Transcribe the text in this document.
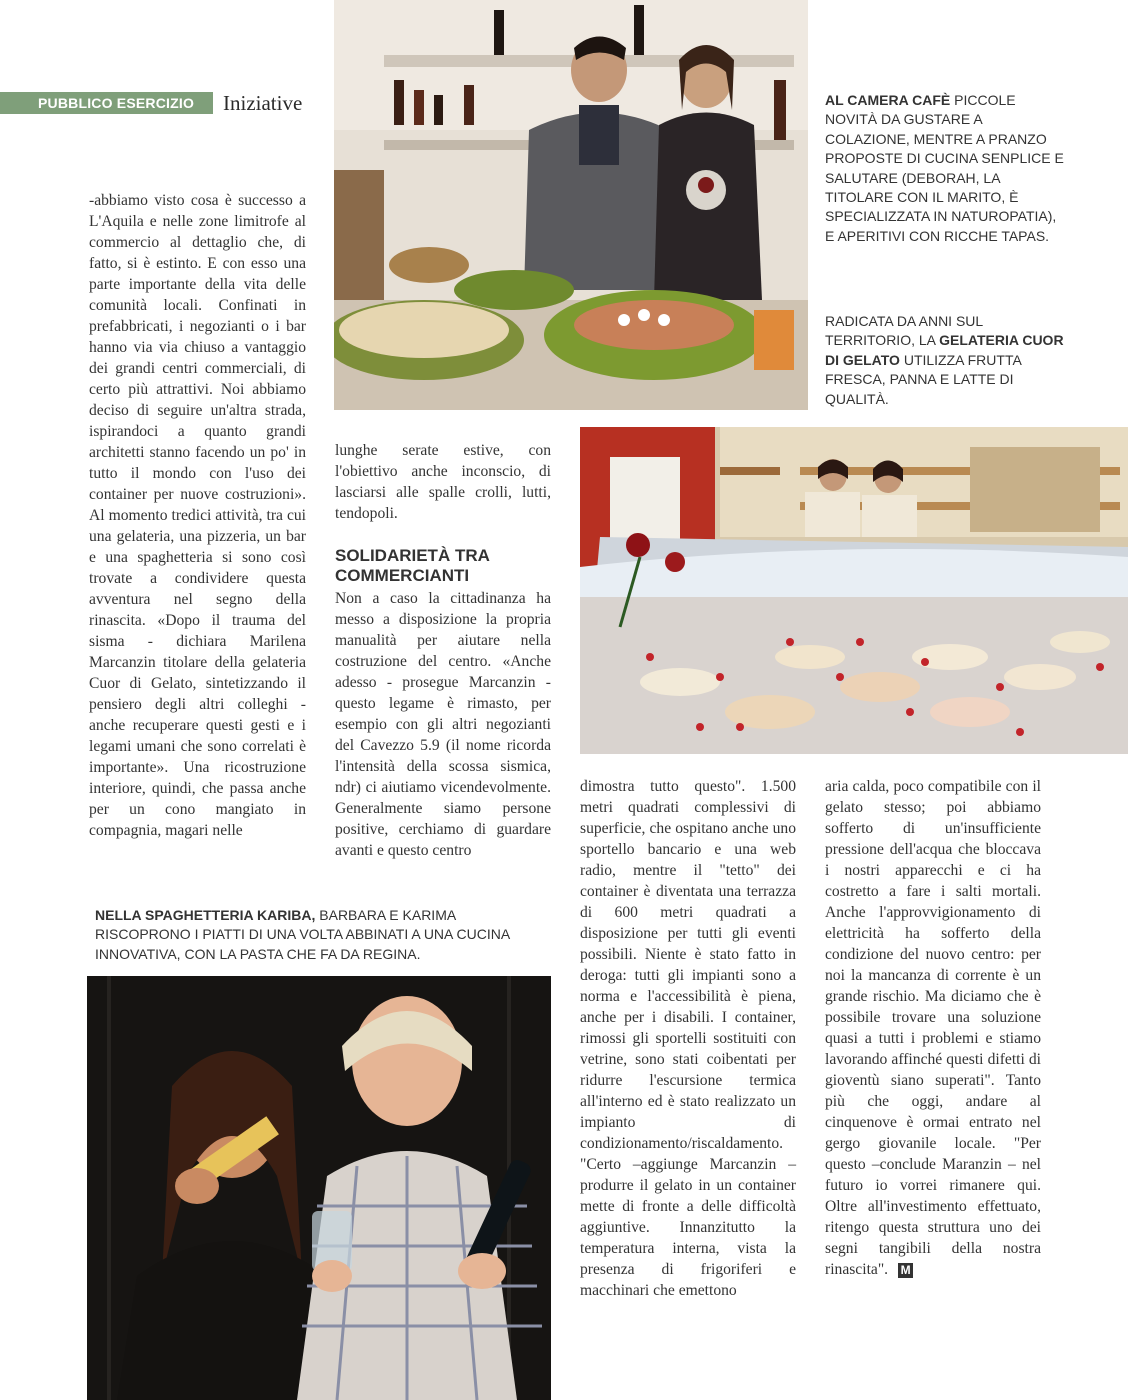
PUBBLICO ESERCIZIO Iniziative	AL CAMERA CAFÈ PICCOLE NOVITÀ DA GUSTARE A COLAZIONE, MENTRE A PRANZO PROPOSTE DI CUCINA SENPLICE E SALUTARE (DEBORAH, LA TITOLARE CON IL MARITO, È SPECIALIZZATA IN NATUROPATIA), E APERITIVI CON RICCHE TAPAS.
RADICATA DA ANNI SUL TERRITORIO, LA GELATERIA CUOR DI GELATO UTILIZZA FRUTTA FRESCA, PANNA E LATTE DI QUALITÀ.

-abbiamo visto cosa è successo a L'Aquila e nelle zone limitrofe al commercio al dettaglio che, di fatto, si è estinto. E con esso una parte importante della vita delle comunità locali. Confinati in prefabbricati, i negozianti o i bar hanno via via chiuso a vantaggio dei grandi centri commerciali, di certo più attrattivi. Noi abbiamo deciso di seguire un'altra strada, ispirandoci a quanto grandi architetti stanno facendo un po' in tutto il mondo con l'uso dei container per nuove costruzioni». Al momento tredici attività, tra cui una gelateria, una pizzeria, un bar e una spaghetteria si sono così trovate a condividere questa avventura nel segno della rinascita. «Dopo il trauma del sisma - dichiara Marilena Marcanzin titolare della gelateria Cuor di Gelato, sintetizzando il pensiero degli altri colleghi - anche recuperare questi gesti e i legami umani che sono correlati è importante». Una ricostruzione interiore, quindi, che passa anche per un cono mangiato in compagnia, magari nelle

lunghe serate estive, con l'obiettivo anche inconscio, di lasciarsi alle spalle crolli, lutti, tendopoli.

SOLIDARIETÀ TRA COMMERCIANTI

Non a caso la cittadinanza ha messo a disposizione la propria manualità per aiutare nella costruzione del centro. «Anche adesso - prosegue Marcanzin - questo legame è rimasto, per esempio con gli altri negozianti del Cavezzo 5.9 (il nome ricorda l'intensità della scossa sismica, ndr) ci aiutiamo vicendevolmente. Generalmente siamo persone positive, cerchiamo di guardare avanti e questo centro

dimostra tutto questo". 1.500 metri quadrati complessivi di superficie, che ospitano anche uno sportello bancario e una web radio, mentre il "tetto" dei container è diventata una terrazza di 600 metri quadrati a disposizione per tutti gli eventi possibili. Niente è stato fatto in deroga: tutti gli impianti sono a norma e l'accessibilità è piena, anche per i disabili. I container, rimossi gli sportelli sostituiti con vetrine, sono stati coibentati per ridurre l'escursione termica all'interno ed è stato realizzato un impianto di condizionamento/riscaldamento. "Certo –aggiunge Marcanzin – produrre il gelato in un container mette di fronte a delle difficoltà aggiuntive. Innanzitutto la temperatura interna, vista la presenza di frigoriferi e macchinari che emettono

aria calda, poco compatibile con il gelato stesso; poi abbiamo sofferto di un'insufficiente pressione dell'acqua che bloccava i nostri apparecchi e ci ha costretto a fare i salti mortali. Anche l'approvvigionamento di elettricità ha sofferto della condizione del nuovo centro: per noi la mancanza di corrente è un grande rischio. Ma diciamo che è possibile trovare una soluzione quasi a tutti i problemi e stiamo lavorando affinché questi difetti di gioventù siano superati". Tanto più che oggi, andare al cinquenove è ormai entrato nel gergo giovanile locale. "Per questo –conclude Maranzin – nel futuro io vorrei rimanere qui. Oltre all'investimento effettuato, ritengo questa struttura uno dei segni tangibili della nostra rinascita". M

NELLA SPAGHETTERIA KARIBA, BARBARA E KARIMA RISCOPRONO I PIATTI DI UNA VOLTA ABBINATI A UNA CUCINA INNOVATIVA, CON LA PASTA CHE FA DA REGINA.
